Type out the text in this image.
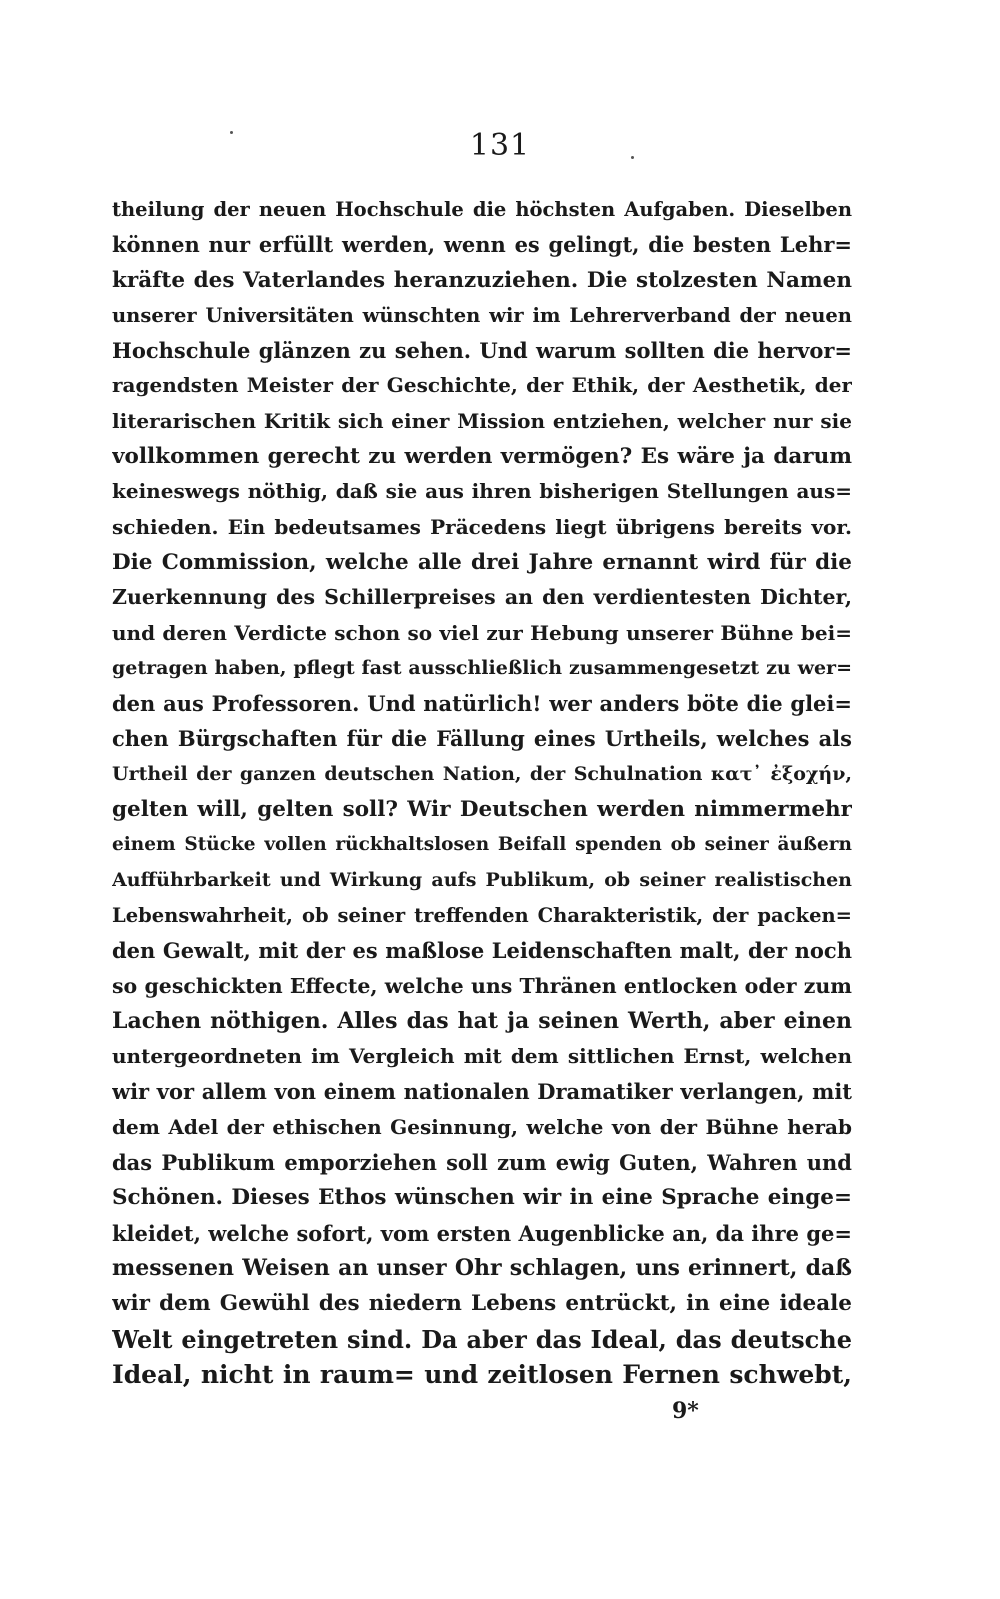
131
theilung der neuen Hochschule die höchsten Aufgaben. Dieselben
können nur erfüllt werden, wenn es gelingt, die besten Lehr=
kräfte des Vaterlandes heranzuziehen. Die stolzesten Namen
unserer Universitäten wünschten wir im Lehrerverband der neuen
Hochschule glänzen zu sehen. Und warum sollten die hervor=
ragendsten Meister der Geschichte, der Ethik, der Aesthetik, der
literarischen Kritik sich einer Mission entziehen, welcher nur sie
vollkommen gerecht zu werden vermögen? Es wäre ja darum
keineswegs nöthig, daß sie aus ihren bisherigen Stellungen aus=
schieden. Ein bedeutsames Präcedens liegt übrigens bereits vor.
Die Commission, welche alle drei Jahre ernannt wird für die
Zuerkennung des Schillerpreises an den verdientesten Dichter,
und deren Verdicte schon so viel zur Hebung unserer Bühne bei=
getragen haben, pflegt fast ausschließlich zusammengesetzt zu wer=
den aus Professoren. Und natürlich! wer anders böte die glei=
chen Bürgschaften für die Fällung eines Urtheils, welches als
Urtheil der ganzen deutschen Nation, der Schulnation κατ᾽ ἐξοχήν,
gelten will, gelten soll? Wir Deutschen werden nimmermehr
einem Stücke vollen rückhaltslosen Beifall spenden ob seiner äußern
Aufführbarkeit und Wirkung aufs Publikum, ob seiner realistischen
Lebenswahrheit, ob seiner treffenden Charakteristik, der packen=
den Gewalt, mit der es maßlose Leidenschaften malt, der noch
so geschickten Effecte, welche uns Thränen entlocken oder zum
Lachen nöthigen. Alles das hat ja seinen Werth, aber einen
untergeordneten im Vergleich mit dem sittlichen Ernst, welchen
wir vor allem von einem nationalen Dramatiker verlangen, mit
dem Adel der ethischen Gesinnung, welche von der Bühne herab
das Publikum emporziehen soll zum ewig Guten, Wahren und
Schönen. Dieses Ethos wünschen wir in eine Sprache einge=
kleidet, welche sofort, vom ersten Augenblicke an, da ihre ge=
messenen Weisen an unser Ohr schlagen, uns erinnert, daß
wir dem Gewühl des niedern Lebens entrückt, in eine ideale
Welt eingetreten sind. Da aber das Ideal, das deutsche
Ideal, nicht in raum= und zeitlosen Fernen schwebt,
9*
